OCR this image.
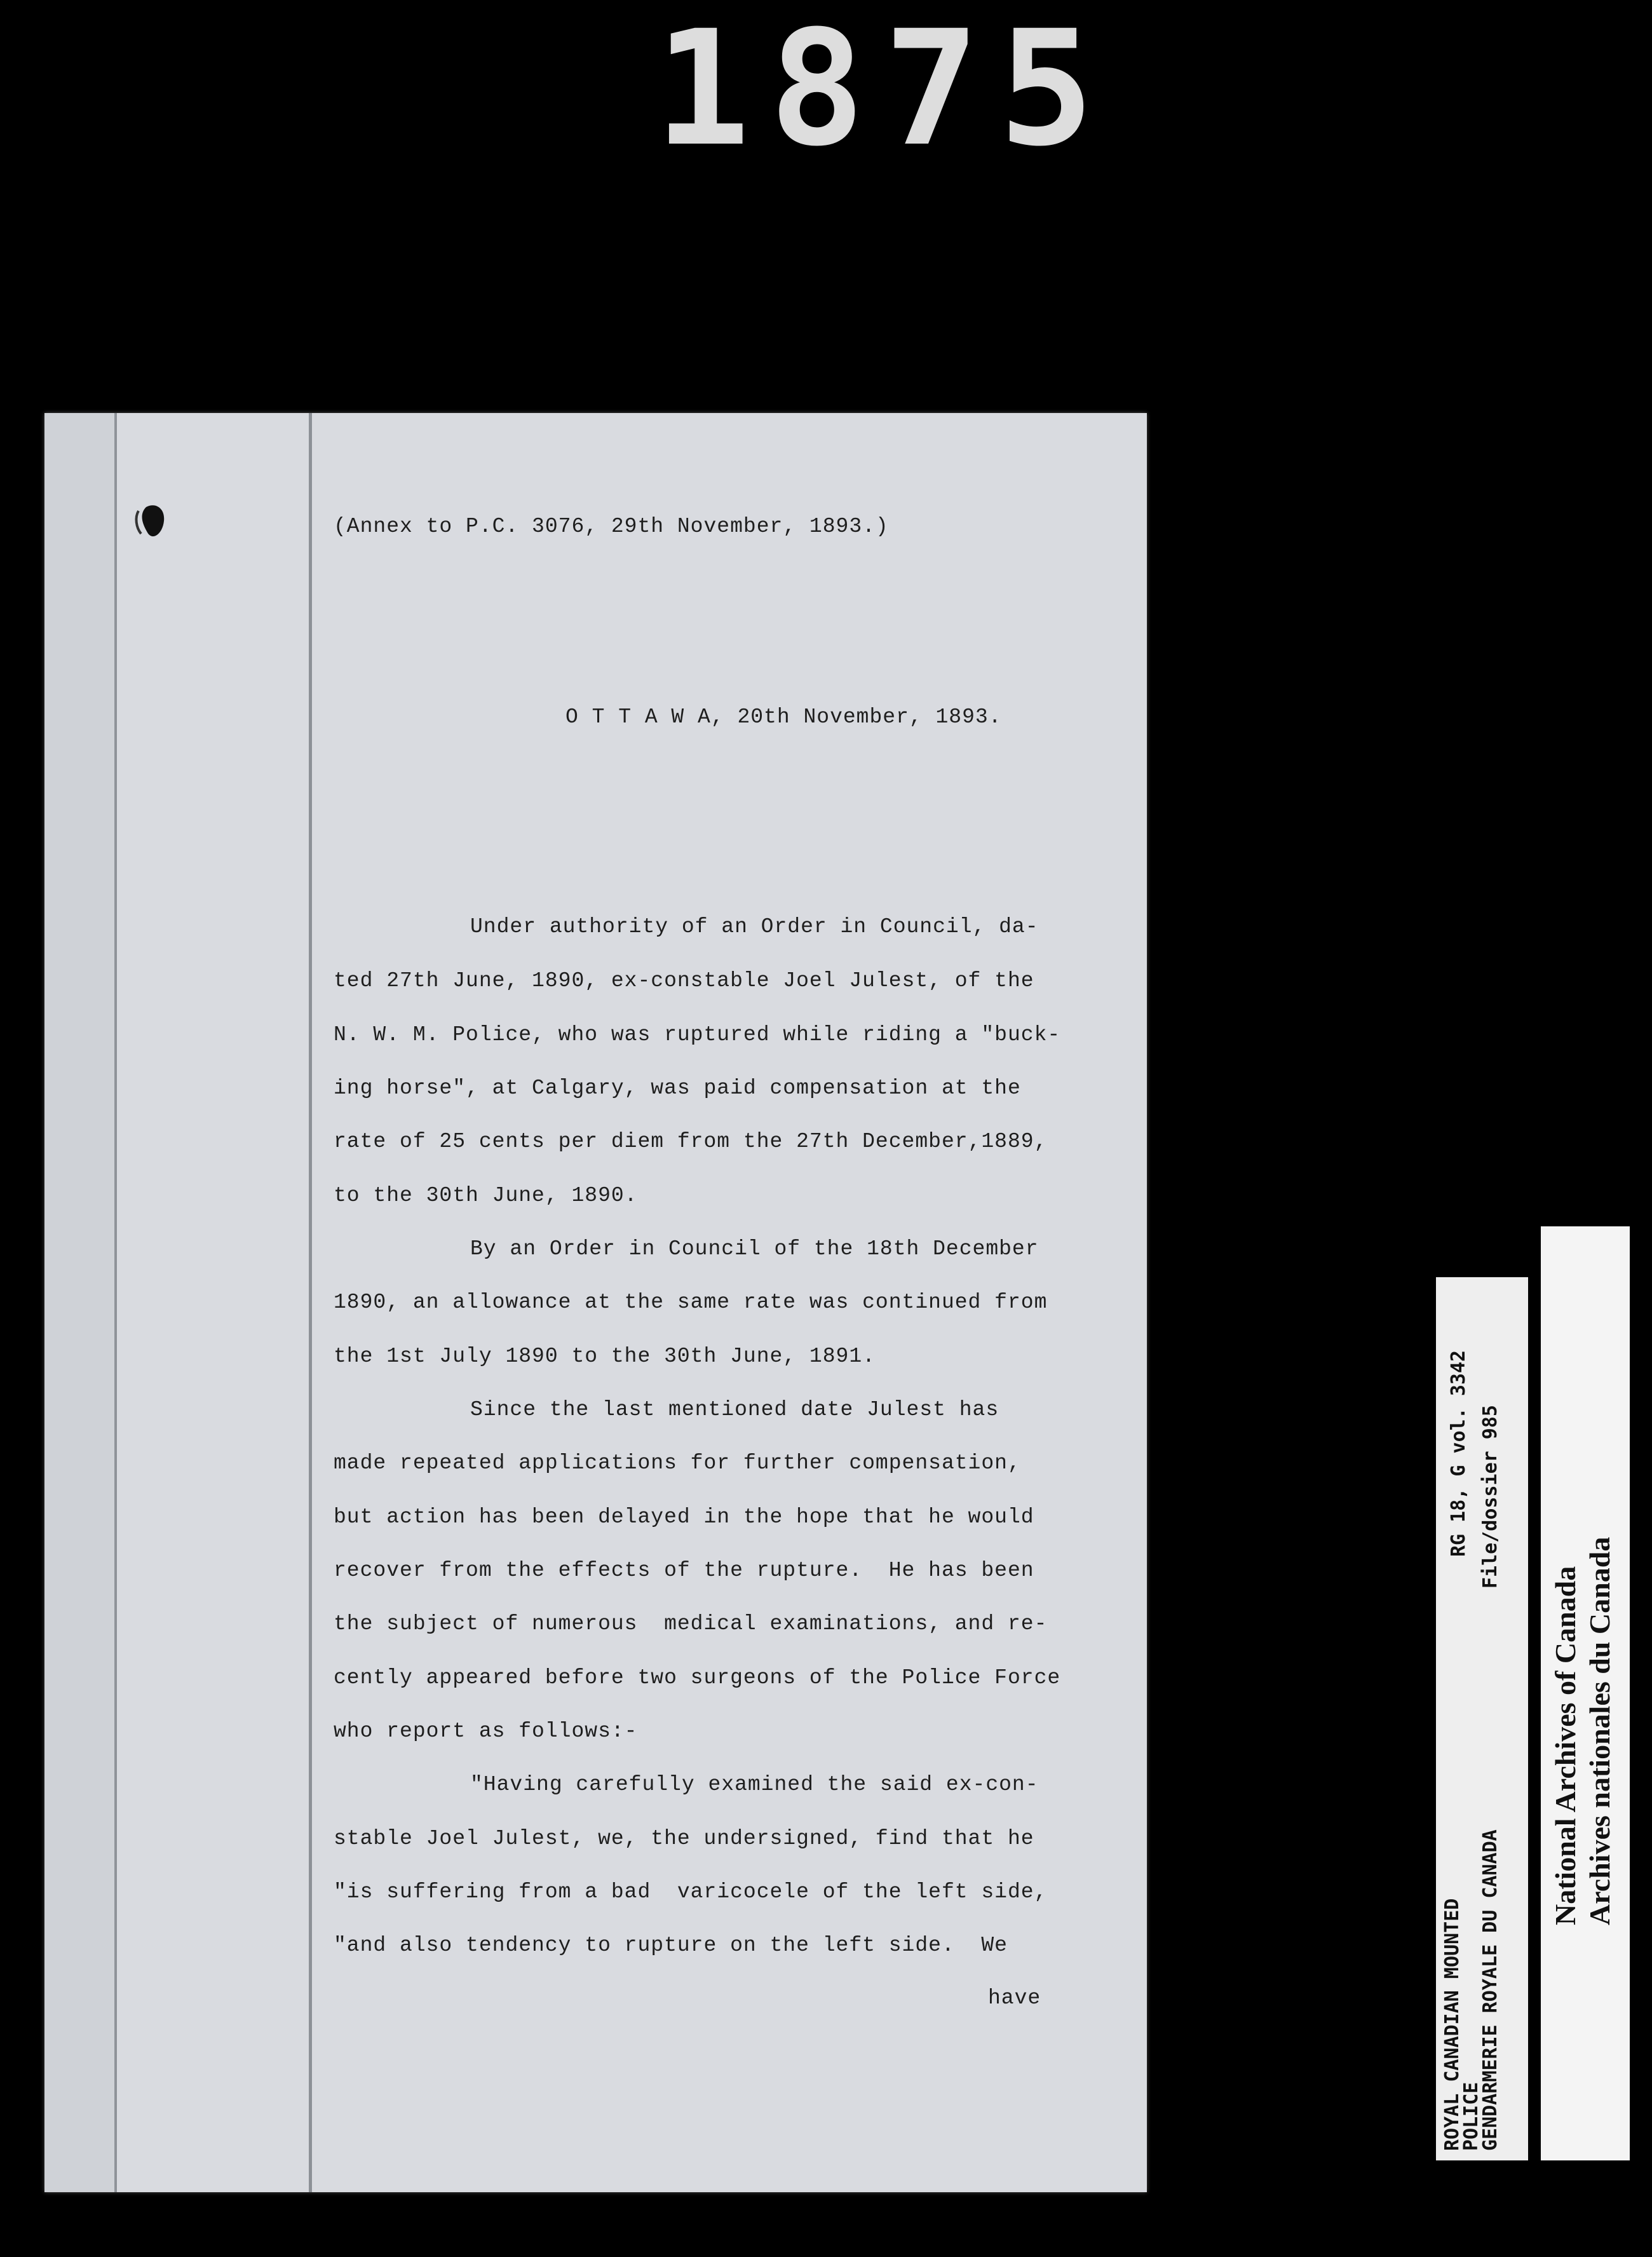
1875
(Annex to P.C. 3076, 29th November, 1893.)
O T T A W A, 20th November, 1893.
Under authority of an Order in Council, da-
ted 27th June, 1890, ex-constable Joel Julest, of the
N. W. M. Police, who was ruptured while riding a "buck-
ing horse", at Calgary, was paid compensation at the
rate of 25 cents per diem from the 27th December,1889,
to the 30th June, 1890.
By an Order in Council of the 18th December
1890, an allowance at the same rate was continued from
the 1st July 1890 to the 30th June, 1891.
Since the last mentioned date Julest has
made repeated applications for further compensation,
but action has been delayed in the hope that he would
recover from the effects of the rupture.  He has been
the subject of numerous  medical examinations, and re-
cently appeared before two surgeons of the Police Force
who report as follows:-
"Having carefully examined the said ex-con-
stable Joel Julest, we, the undersigned, find that he
"is suffering from a bad  varicocele of the left side,
"and also tendency to rupture on the left side.  We
have	ROYAL CANADIAN MOUNTED
POLICE
GENDARMERIE ROYALE DU CANADA
RG 18, G vol. 3342 File/dossier 985
National Archives of Canada Archives nationales du Canada
